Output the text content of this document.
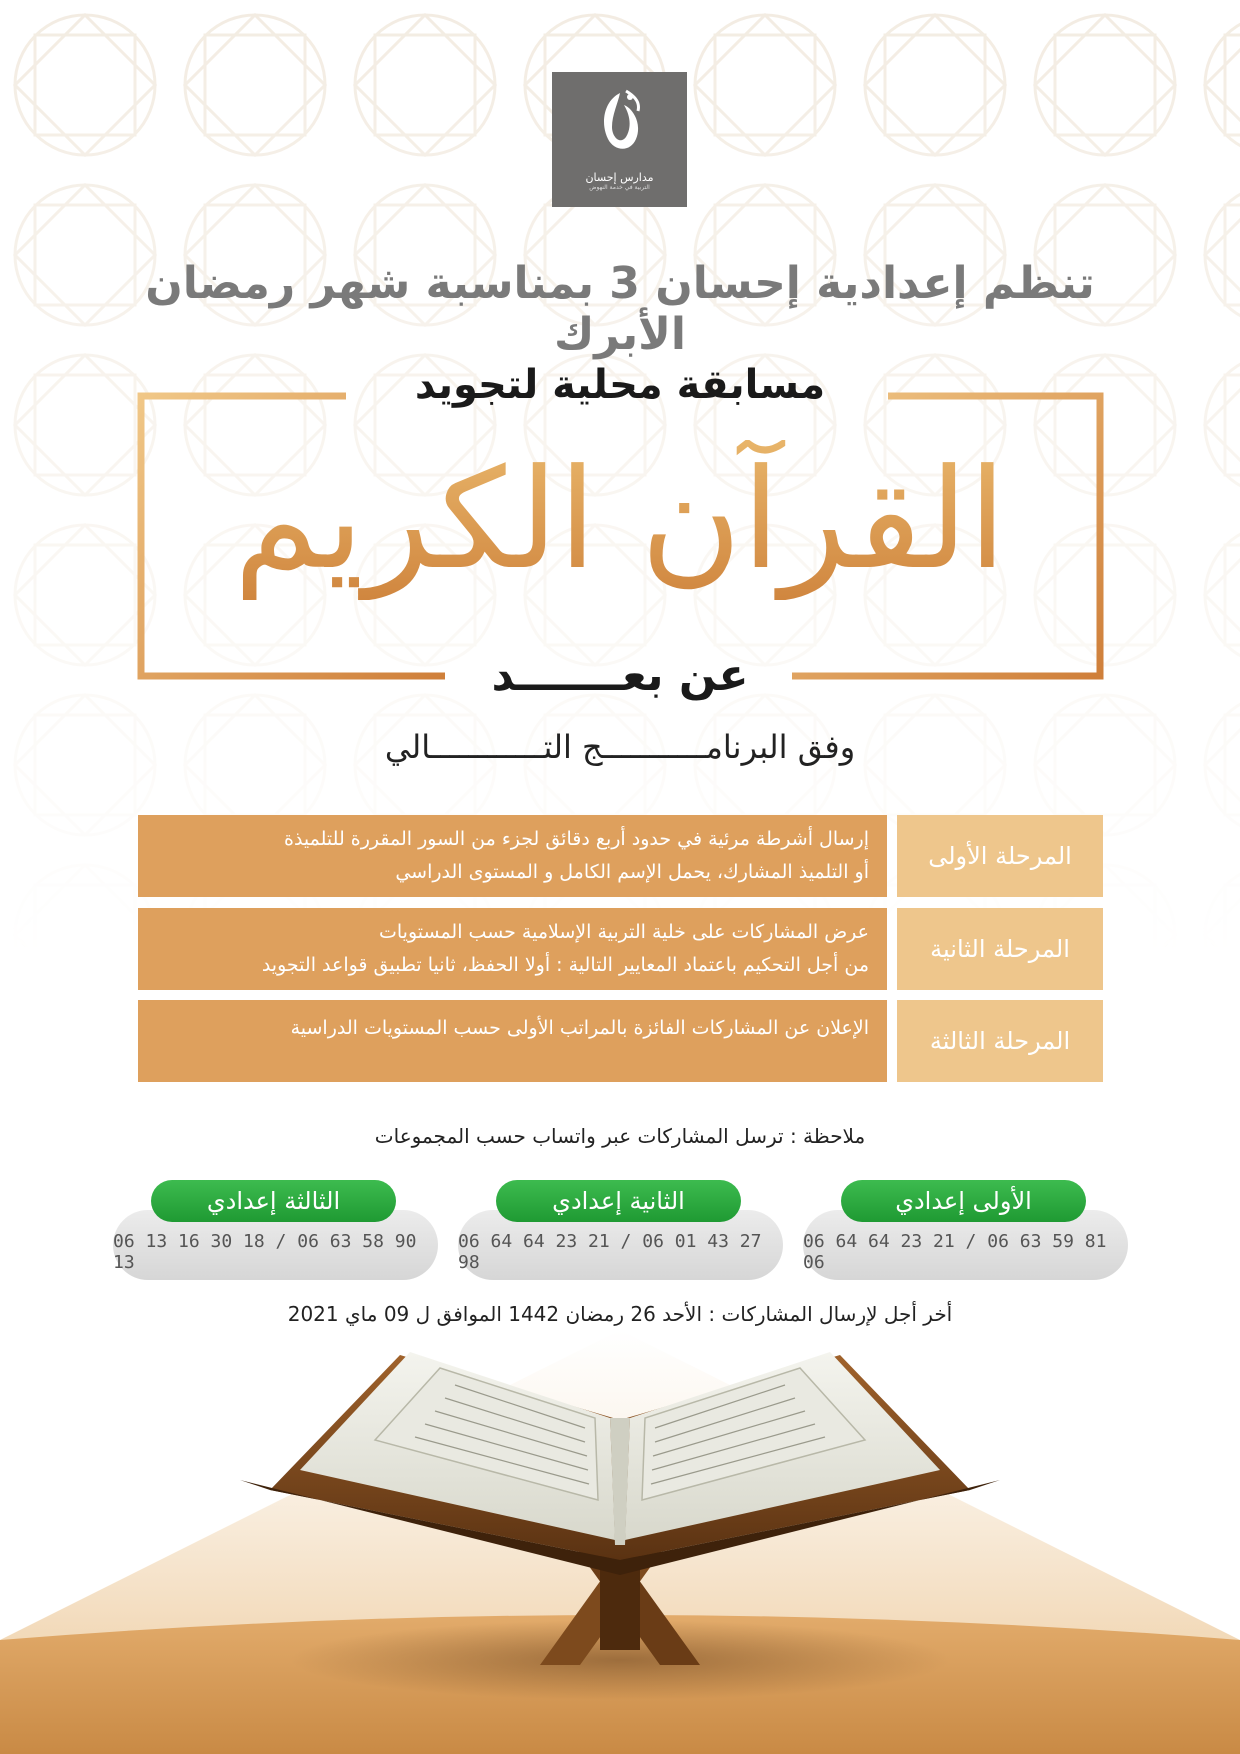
مدارس إحسان
التربية في خدمة النهوض
تنظم إعدادية إحسان 3 بمناسبة شهر رمضان الأبرك
مسابقة محلية لتجويد
القرآن الكريم
عن بعـــــــد
وفق البرنامـــــــــــج التــــــــــــالي
المرحلة الأولى
إرسال أشرطة مرئية في حدود أربع دقائق لجزء من السور المقررة للتلميذة
أو التلميذ المشارك، يحمل الإسم الكامل و المستوى الدراسي
المرحلة الثانية
عرض المشاركات على خلية التربية الإسلامية حسب المستويات
من أجل التحكيم باعتماد المعايير التالية : أولا الحفظ، ثانيا تطبيق قواعد التجويد
المرحلة الثالثة
الإعلان عن المشاركات الفائزة بالمراتب الأولى حسب المستويات الدراسية
ملاحظة : ترسل المشاركات عبر واتساب حسب المجموعات
الأولى إعدادي
06 64 64 23 21 / 06 63 59 81 06
الثانية إعدادي
06 64 64 23 21 / 06 01 43 27 98
الثالثة إعدادي
06 13 16 30 18 / 06 63 58 90 13
أخر أجل لإرسال المشاركات : الأحد 26 رمضان 1442 الموافق ل 09 ماي 2021
